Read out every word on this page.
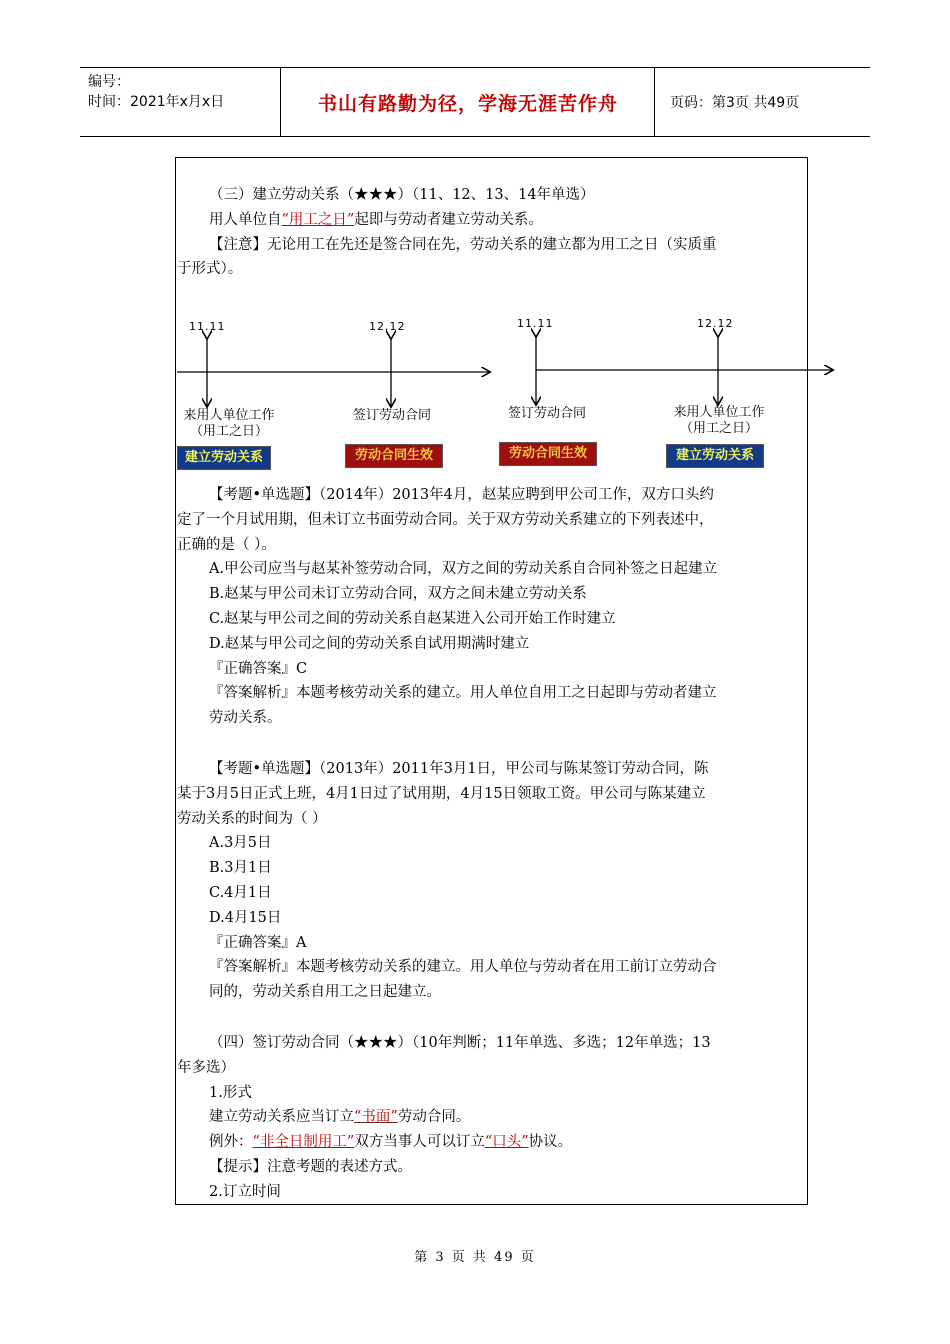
编号：
时间：2021年x月x日	书山有路勤为径，学海无涯苦作舟	页码：第3页 共49页

（三）建立劳动关系（★★★）（11、12、13、14年单选）

用人单位自“用工之日”起即与劳动者建立劳动关系。

【注意】无论用工在先还是签合同在先，劳动关系的建立都为用工之日（实质重

于形式）。

11.11	12.12
来用人单位工作
（用工之日）
签订劳动合同
建立劳动关系	劳动合同生效
11.11	12.12
签订劳动合同	来用人单位工作
（用工之日）
劳动合同生效	建立劳动关系

【考题•单选题】（2014年）2013年4月，赵某应聘到甲公司工作，双方口头约

定了一个月试用期，但未订立书面劳动合同。关于双方劳动关系建立的下列表述中，

正确的是（ ）。

A.甲公司应当与赵某补签劳动合同，双方之间的劳动关系自合同补签之日起建立

B.赵某与甲公司未订立劳动合同，双方之间未建立劳动关系

C.赵某与甲公司之间的劳动关系自赵某进入公司开始工作时建立

D.赵某与甲公司之间的劳动关系自试用期满时建立

『正确答案』C

『答案解析』本题考核劳动关系的建立。用人单位自用工之日起即与劳动者建立

劳动关系。

【考题•单选题】（2013年）2011年3月1日，甲公司与陈某签订劳动合同，陈

某于3月5日正式上班，4月1日过了试用期，4月15日领取工资。甲公司与陈某建立

劳动关系的时间为（ ）

A.3月5日

B.3月1日

C.4月1日

D.4月15日

『正确答案』A

『答案解析』本题考核劳动关系的建立。用人单位与劳动者在用工前订立劳动合

同的，劳动关系自用工之日起建立。

（四）签订劳动合同（★★★）（10年判断；11年单选、多选；12年单选；13

年多选）

1.形式

建立劳动关系应当订立“书面”劳动合同。

例外：“非全日制用工”双方当事人可以订立“口头”协议。

【提示】注意考题的表述方式。

2.订立时间

第 3 页 共 49 页
